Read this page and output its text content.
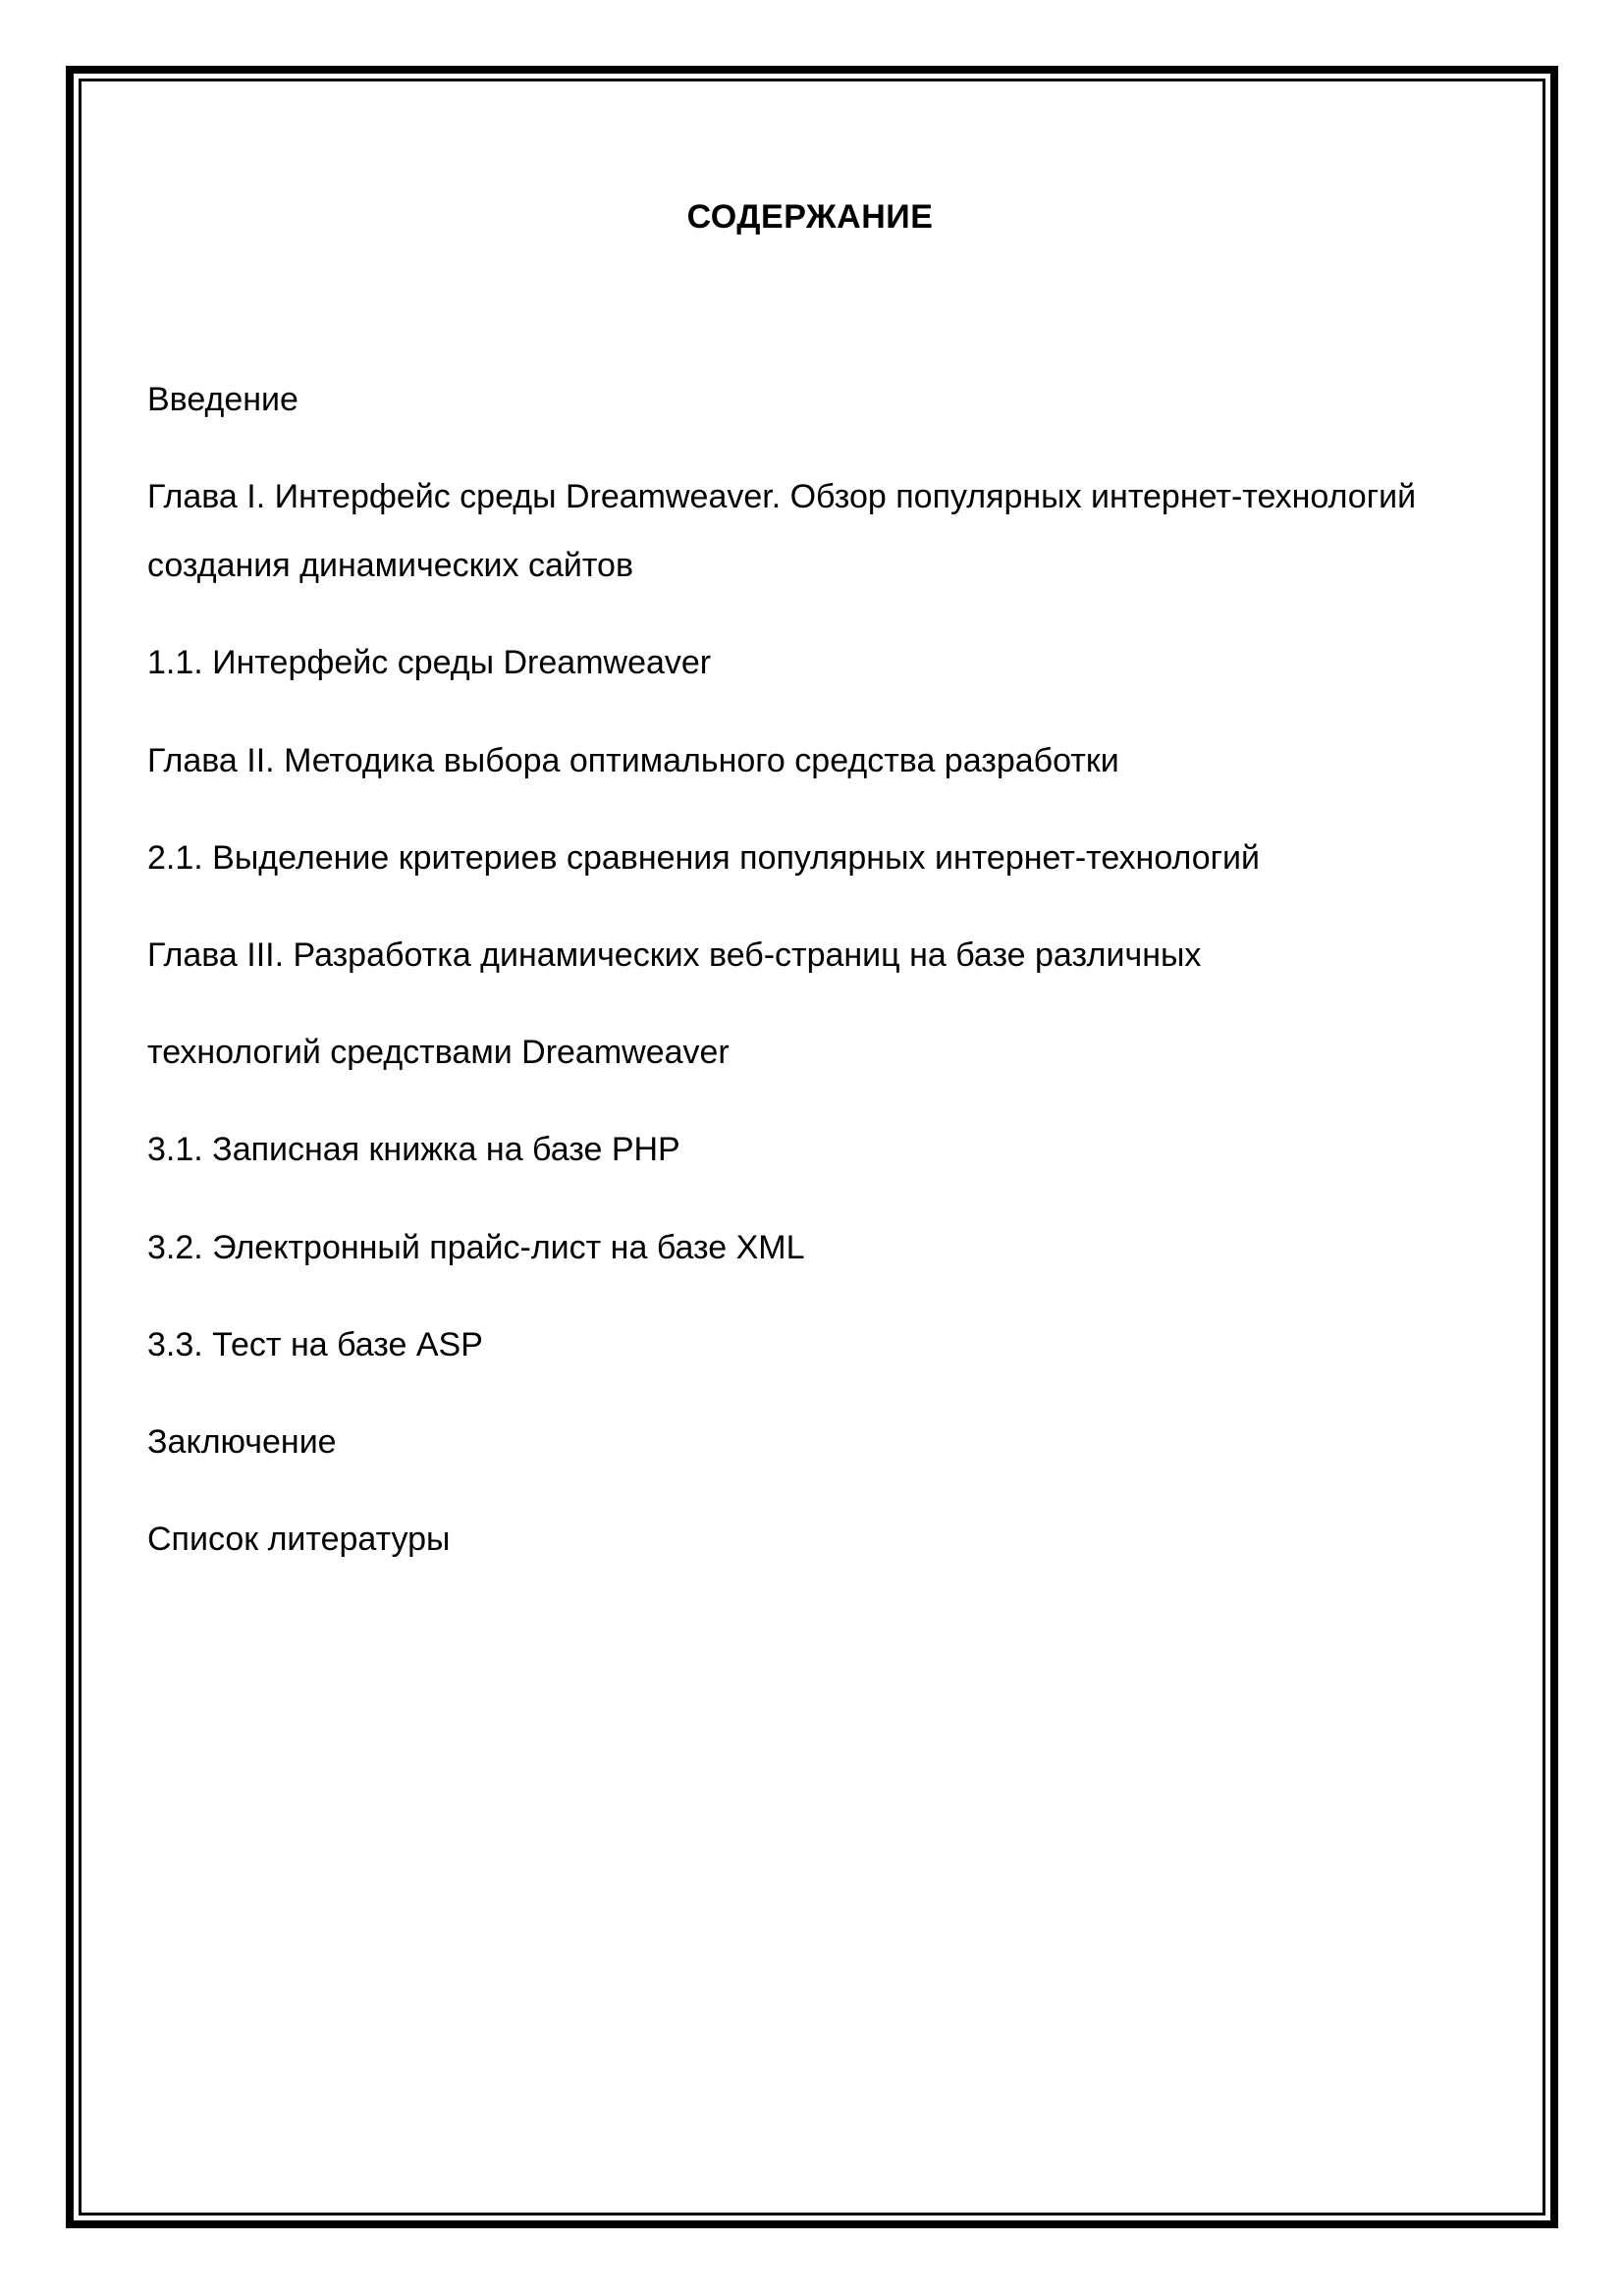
СОДЕРЖАНИЕ
Введение
Глава I. Интерфейс среды Dreamweaver. Обзор популярных интернет-технологий
создания динамических сайтов
1.1. Интерфейс среды Dreamweaver
Глава II. Методика выбора оптимального средства разработки
2.1. Выделение критериев сравнения популярных интернет-технологий
Глава III. Разработка динамических веб-страниц на базе различных
технологий средствами Dreamweaver
3.1. Записная книжка на базе PHP
3.2. Электронный прайс-лист на базе XML
3.3. Тест на базе ASP
Заключение
Список литературы
